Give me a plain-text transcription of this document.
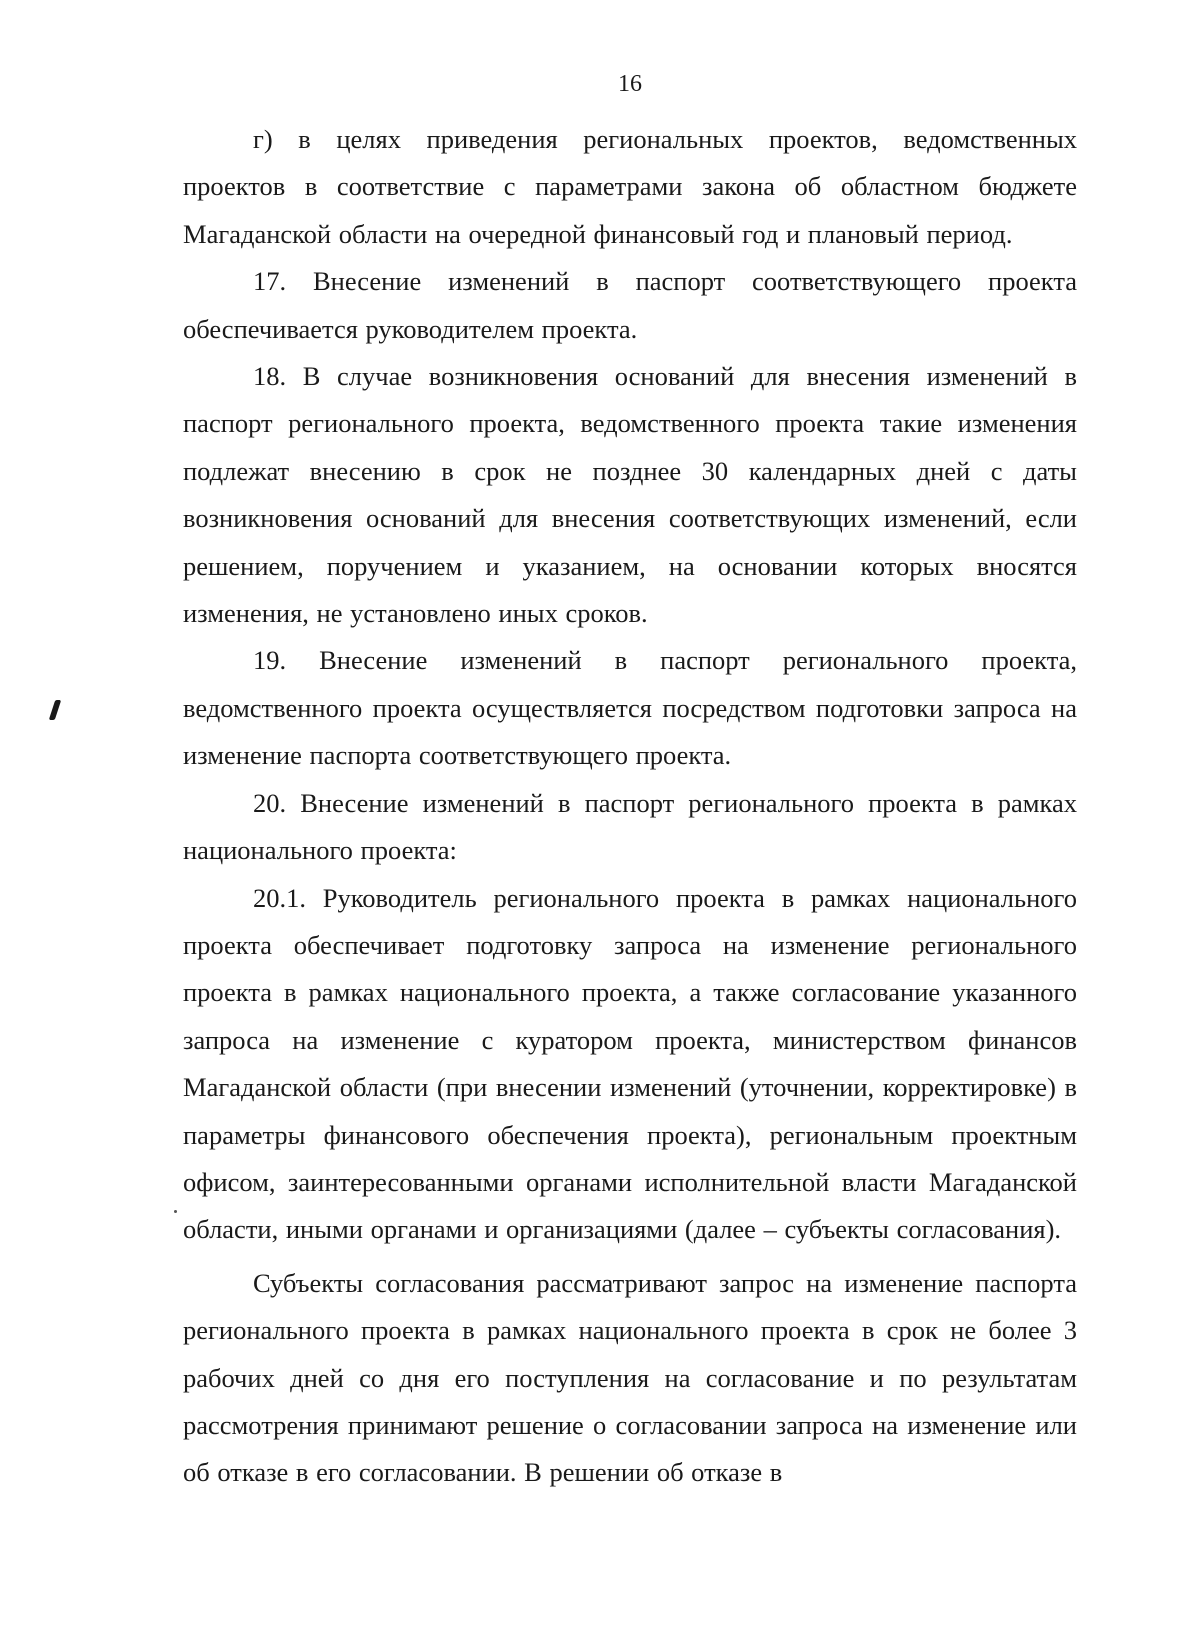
16

г) в целях приведения региональных проектов, ведомственных проектов в соответствие с параметрами закона об областном бюджете Магаданской области на очередной финансовый год и плановый период.

17. Внесение изменений в паспорт соответствующего проекта обеспечивается руководителем проекта.

18. В случае возникновения оснований для внесения изменений в паспорт регионального проекта, ведомственного проекта такие изменения подлежат внесению в срок не позднее 30 календарных дней с даты возникновения оснований для внесения соответствующих изменений, если решением, поручением и указанием, на основании которых вносятся изменения, не установлено иных сроков.

19. Внесение изменений в паспорт регионального проекта, ведомственного проекта осуществляется посредством подготовки запроса на изменение паспорта соответствующего проекта.

20. Внесение изменений в паспорт регионального проекта в рамках национального проекта:

20.1. Руководитель регионального проекта в рамках национального проекта обеспечивает подготовку запроса на изменение регионального проекта в рамках национального проекта, а также согласование указанного запроса на изменение с куратором проекта, министерством финансов Магаданской области (при внесении изменений (уточнении, корректировке) в параметры финансового обеспечения проекта), региональным проектным офисом, заинтересованными органами исполнительной власти Магаданской области, иными органами и организациями (далее – субъекты согласования).

Субъекты согласования рассматривают запрос на изменение паспорта регионального проекта в рамках национального проекта в срок не более 3 рабочих дней со дня его поступления на согласование и по результатам рассмотрения принимают решение о согласовании запроса на изменение или об отказе в его согласовании. В решении об отказе в
